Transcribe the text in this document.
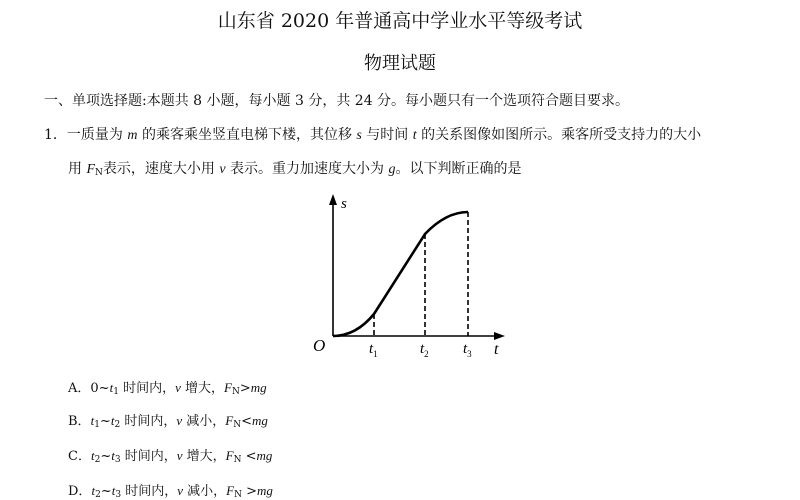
山东省 2020 年普通高中学业水平等级考试
物理试题
一、单项选择题:本题共 8 小题，每小题 3 分，共 24 分。每小题只有一个选项符合题目要求。
1．一质量为 m 的乘客乘坐竖直电梯下楼，其位移 s 与时间 t 的关系图像如图所示。乘客所受支持力的大小
用 $F_N$表示，速度大小用 v 表示。重力加速度大小为 g。以下判断正确的是
s
t
O	$t_1$	$t_2$ $t_3$
A．$0\sim t_1$ 时间内，v 增大，$F_N>mg$
B．$t_1\sim t_2$ 时间内，v 减小，$F_N<mg$
C．$t_2\sim t_3$ 时间内，v 增大，$F_N <mg$
D．$t_2\sim t_3$ 时间内，v 减小，$F_N >mg$
